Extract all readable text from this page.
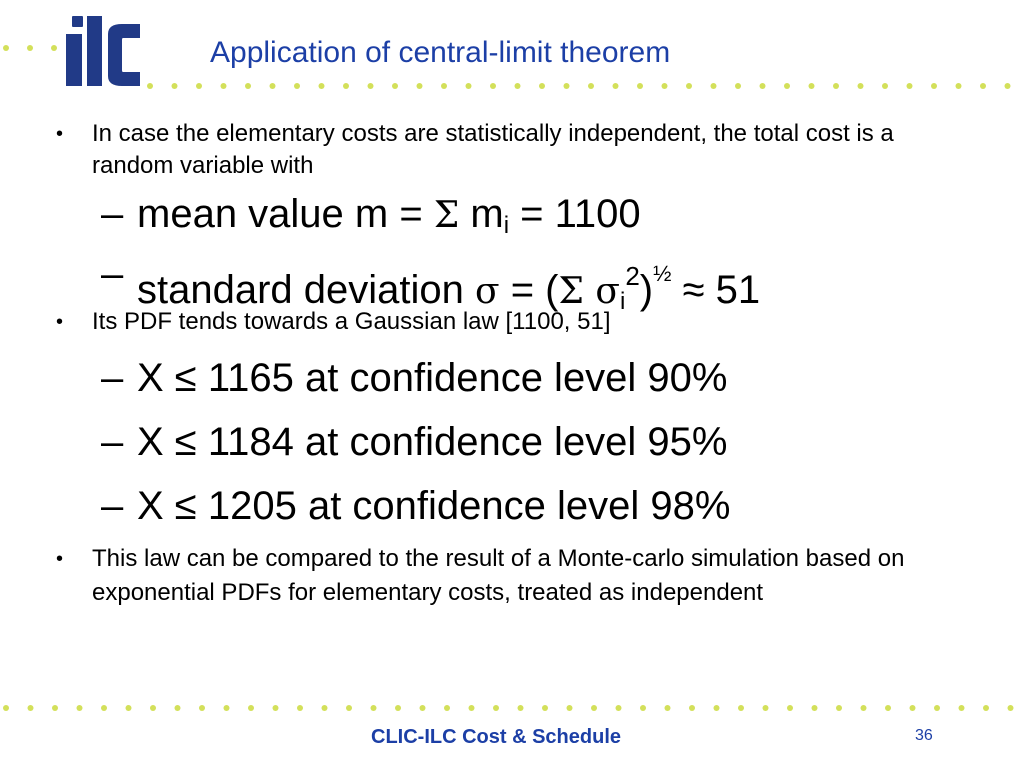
Application of central-limit theorem
• In case the elementary costs are statistically independent, the total cost is a random variable with
– mean value m = Σ $m_i = 1100$
– standard deviation σ = (Σ $\sigma_i^2)^{\frac{1}{2}} \approx 51$
• Its PDF tends towards a Gaussian law [1100, 51]
– X ≤ 1165 at confidence level 90%
– X ≤ 1184 at confidence level 95%
– X ≤ 1205 at confidence level 98%
• This law can be compared to the result of a Monte-carlo simulation based on exponential PDFs for elementary costs, treated as independent
CLIC-ILC Cost & Schedule	36
